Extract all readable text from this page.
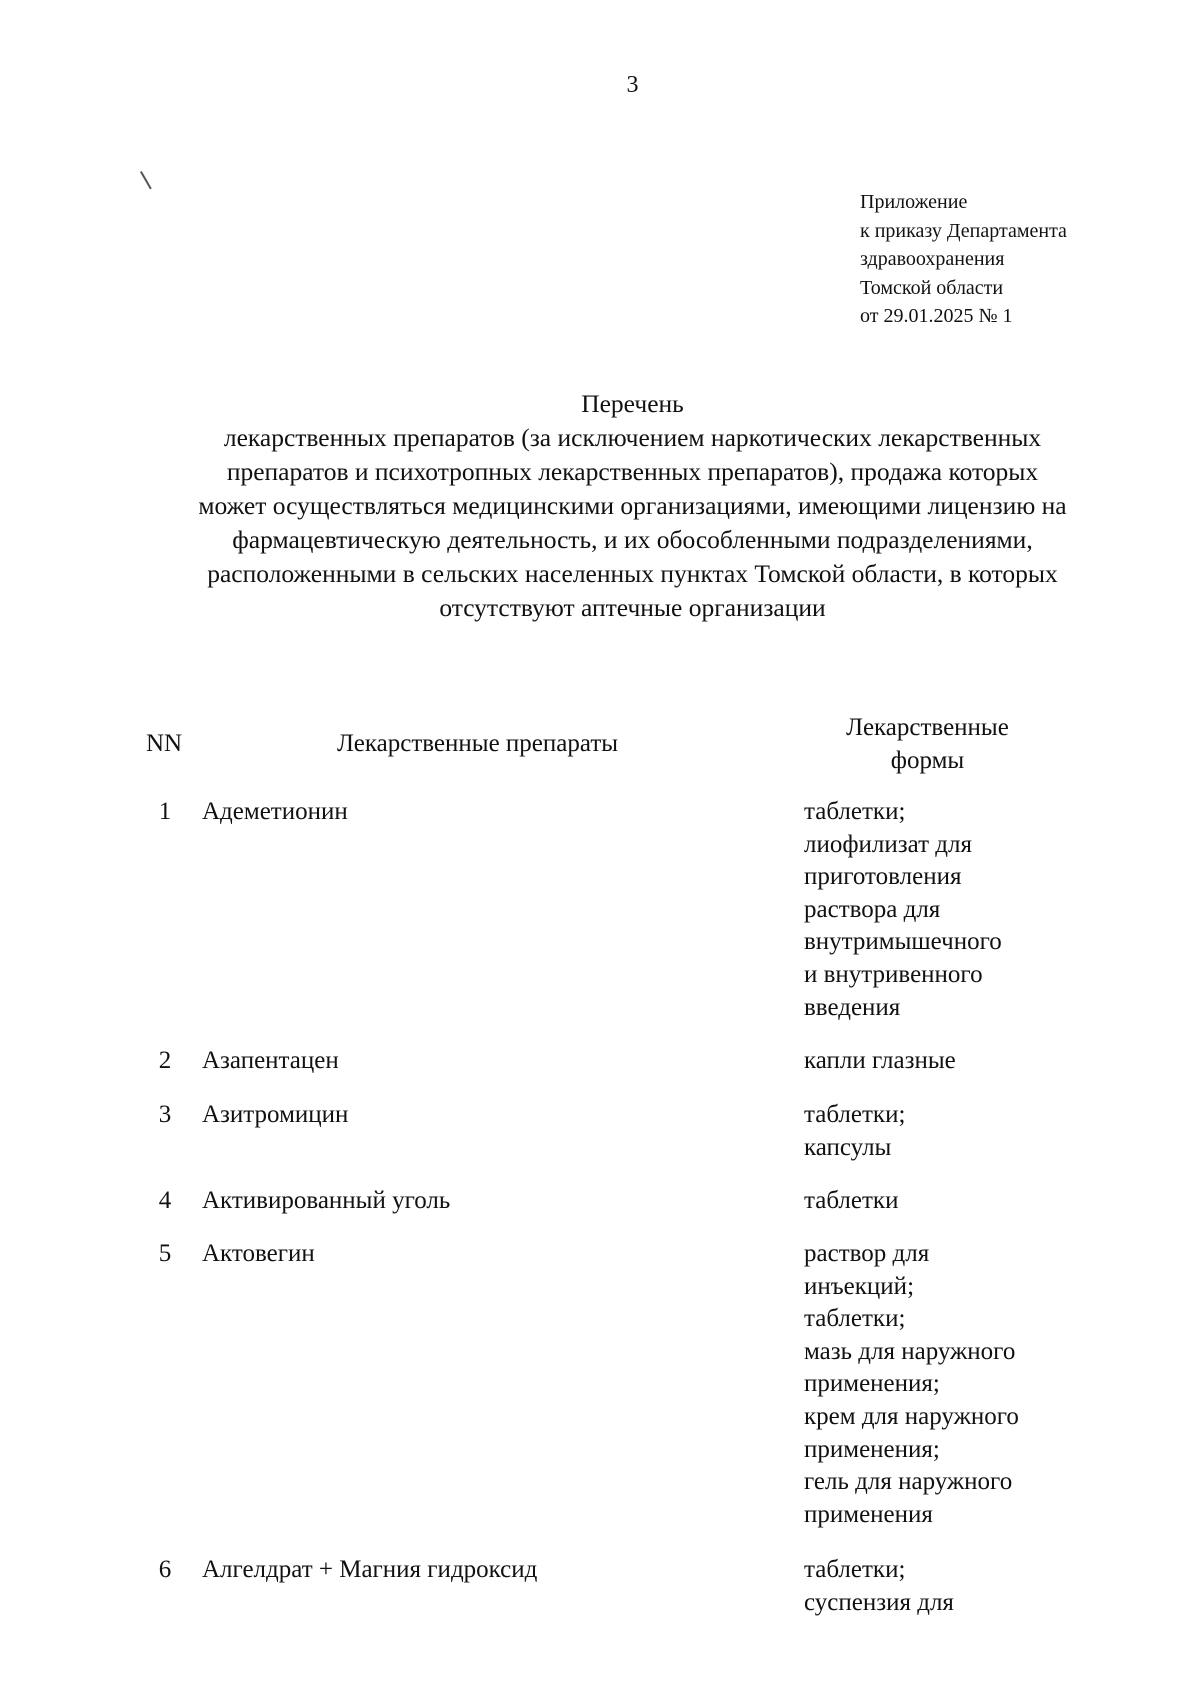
3
Приложение
к приказу Департамента
здравоохранения
Томской области
от 29.01.2025 № 1
Перечень
лекарственных препаратов (за исключением наркотических лекарственных
препаратов и психотропных лекарственных препаратов), продажа которых
может осуществляться медицинскими организациями, имеющими лицензию на
фармацевтическую деятельность, и их обособленными подразделениями,
расположенными в сельских населенных пунктах Томской области, в которых
отсутствуют аптечные организации
NN	Лекарственные препараты
Лекарственные
формы
1 Адеметионин	таблетки;
лиофилизат для
приготовления
раствора для
внутримышечного
и внутривенного
введения
2 Азапентацен	капли глазные
3 Азитромицин	таблетки;
капсулы
4 Активированный уголь	таблетки
5 Актовегин	раствор для
инъекций;
таблетки;
мазь для наружного
применения;
крем для наружного
применения;
гель для наружного
применения
6 Алгелдрат + Магния гидроксид	таблетки;
суспензия для
